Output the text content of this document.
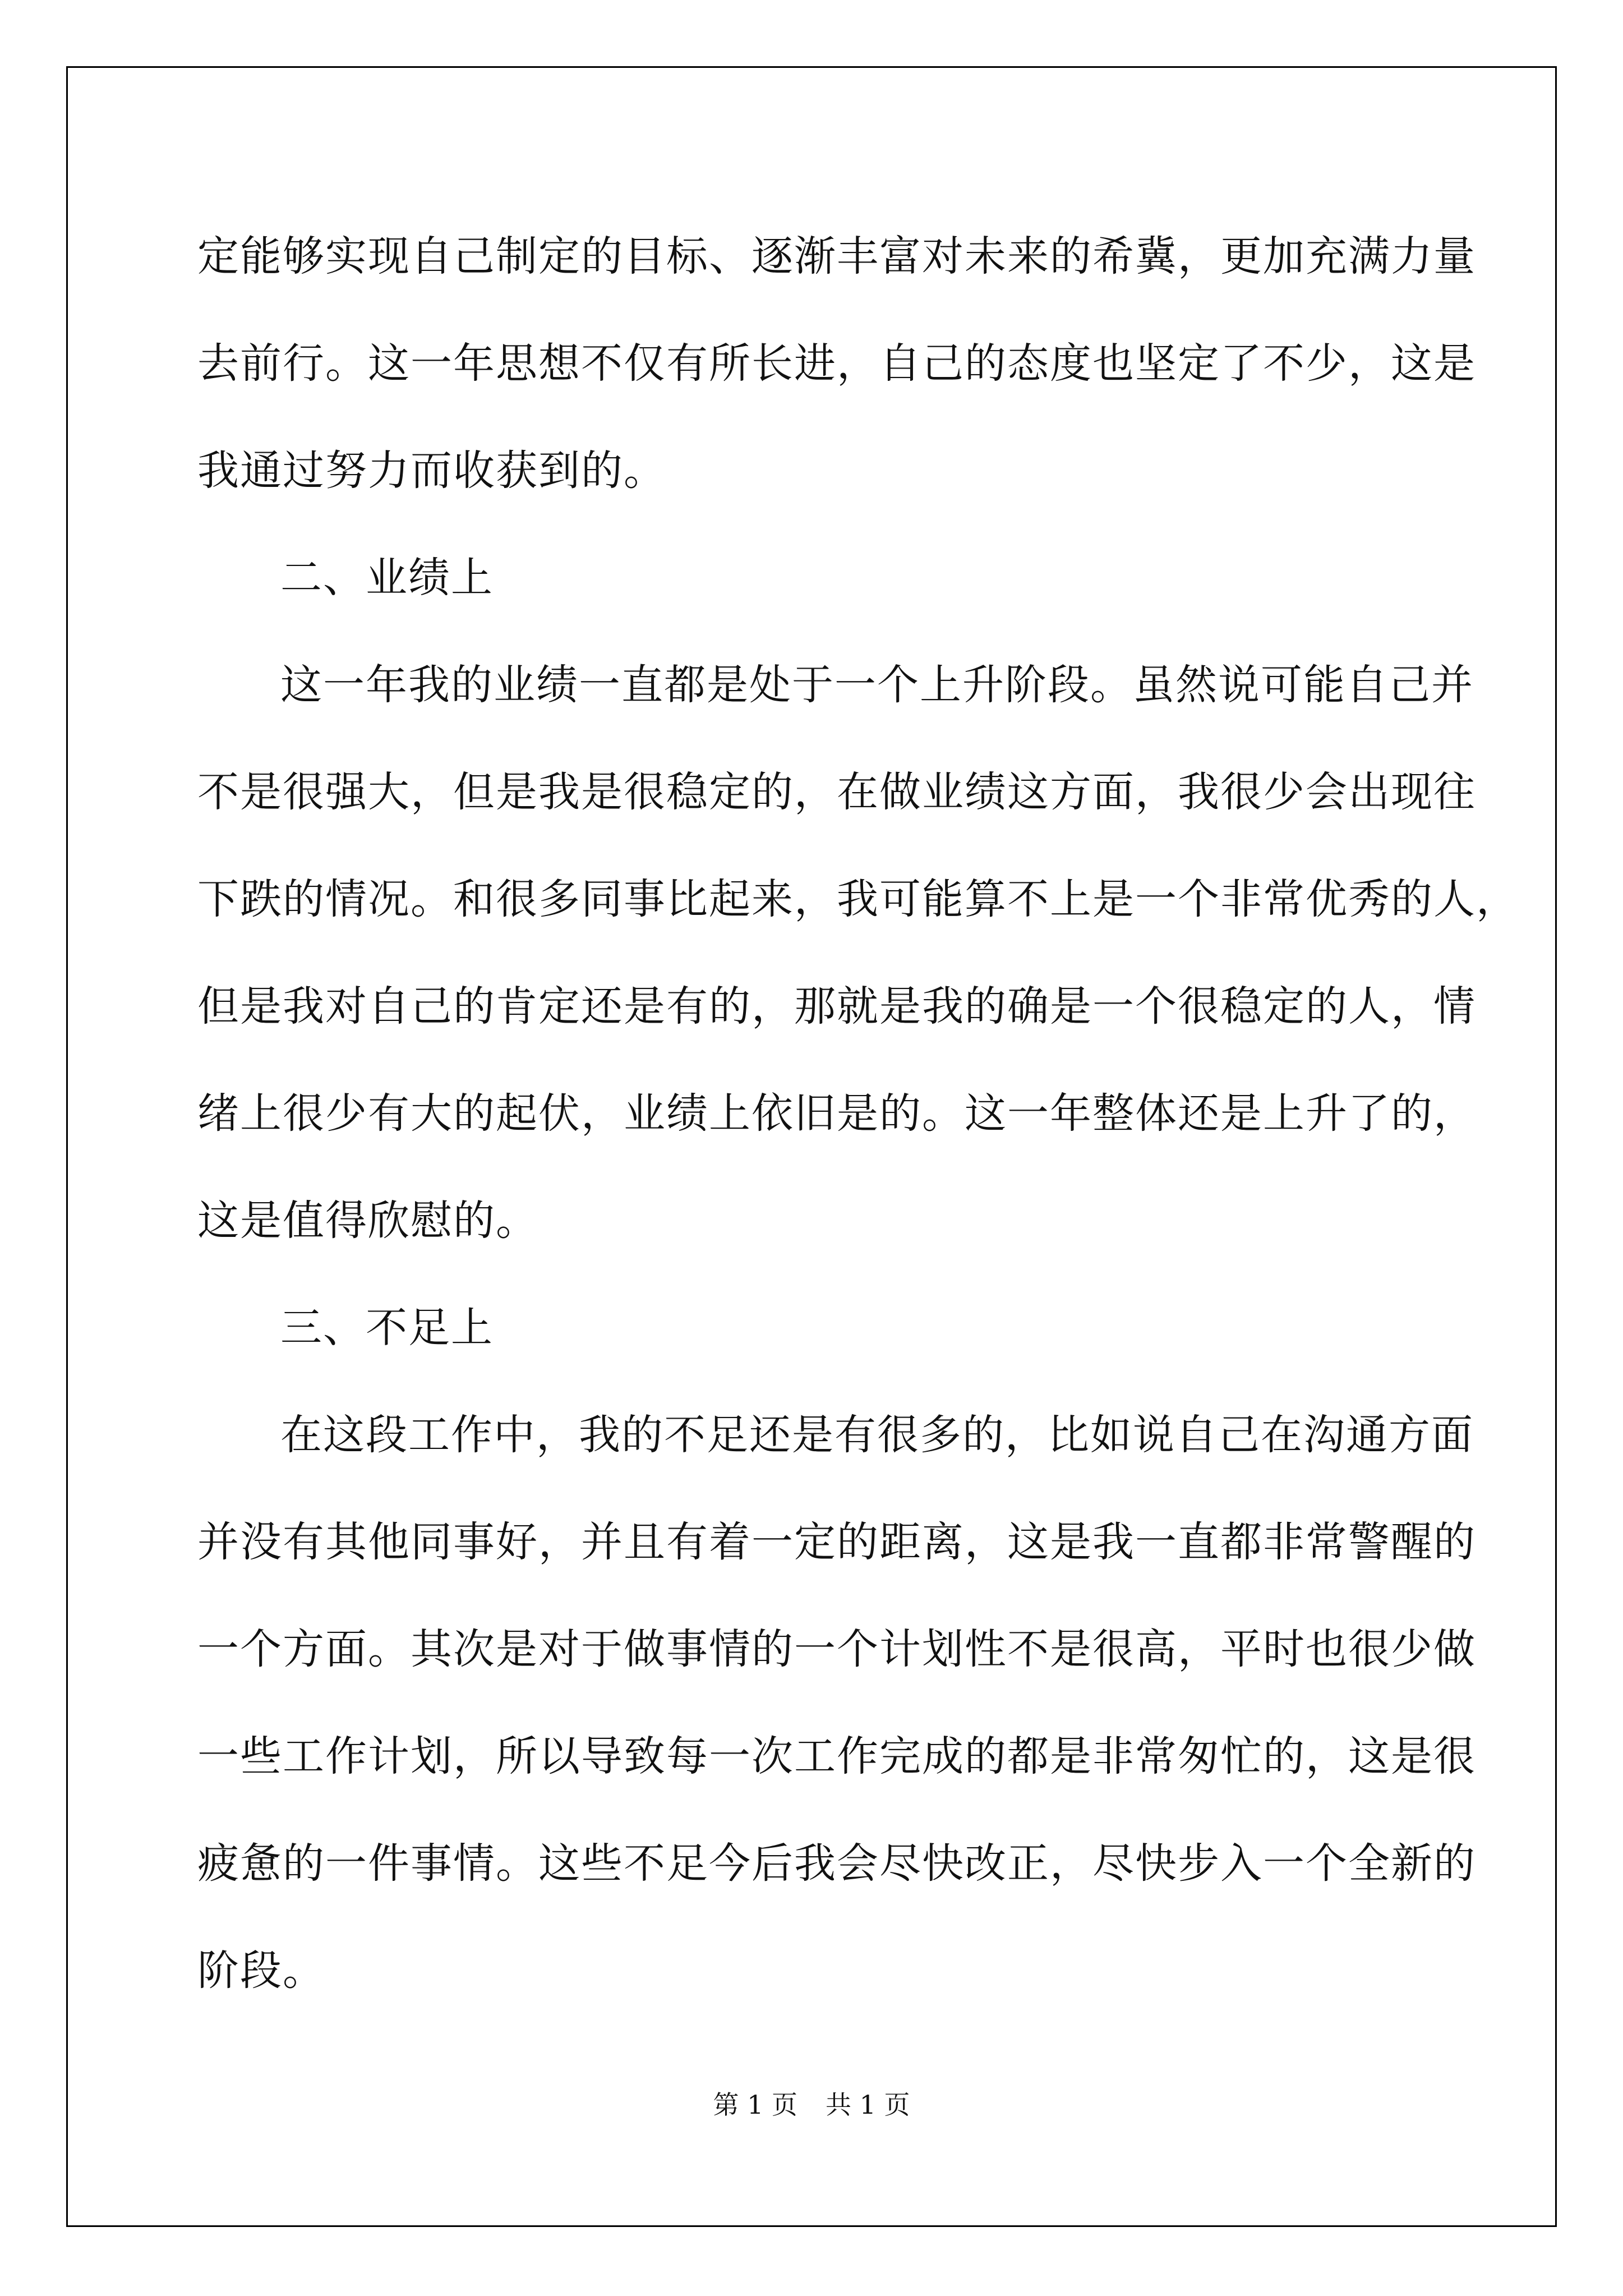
定能够实现自己制定的目标、逐渐丰富对未来的希冀，更加充满力量
去前行。这一年思想不仅有所长进，自己的态度也坚定了不少，这是
我通过努力而收获到的。
二、业绩上
这一年我的业绩一直都是处于一个上升阶段。虽然说可能自己并
不是很强大，但是我是很稳定的，在做业绩这方面，我很少会出现往
下跌的情况。和很多同事比起来，我可能算不上是一个非常优秀的人，
但是我对自己的肯定还是有的，那就是我的确是一个很稳定的人，情
绪上很少有大的起伏，业绩上依旧是的。这一年整体还是上升了的，
这是值得欣慰的。
三、不足上
在这段工作中，我的不足还是有很多的，比如说自己在沟通方面
并没有其他同事好，并且有着一定的距离，这是我一直都非常警醒的
一个方面。其次是对于做事情的一个计划性不是很高，平时也很少做
一些工作计划，所以导致每一次工作完成的都是非常匆忙的，这是很
疲惫的一件事情。这些不足今后我会尽快改正，尽快步入一个全新的
阶段。
第 1 页 共 1 页
